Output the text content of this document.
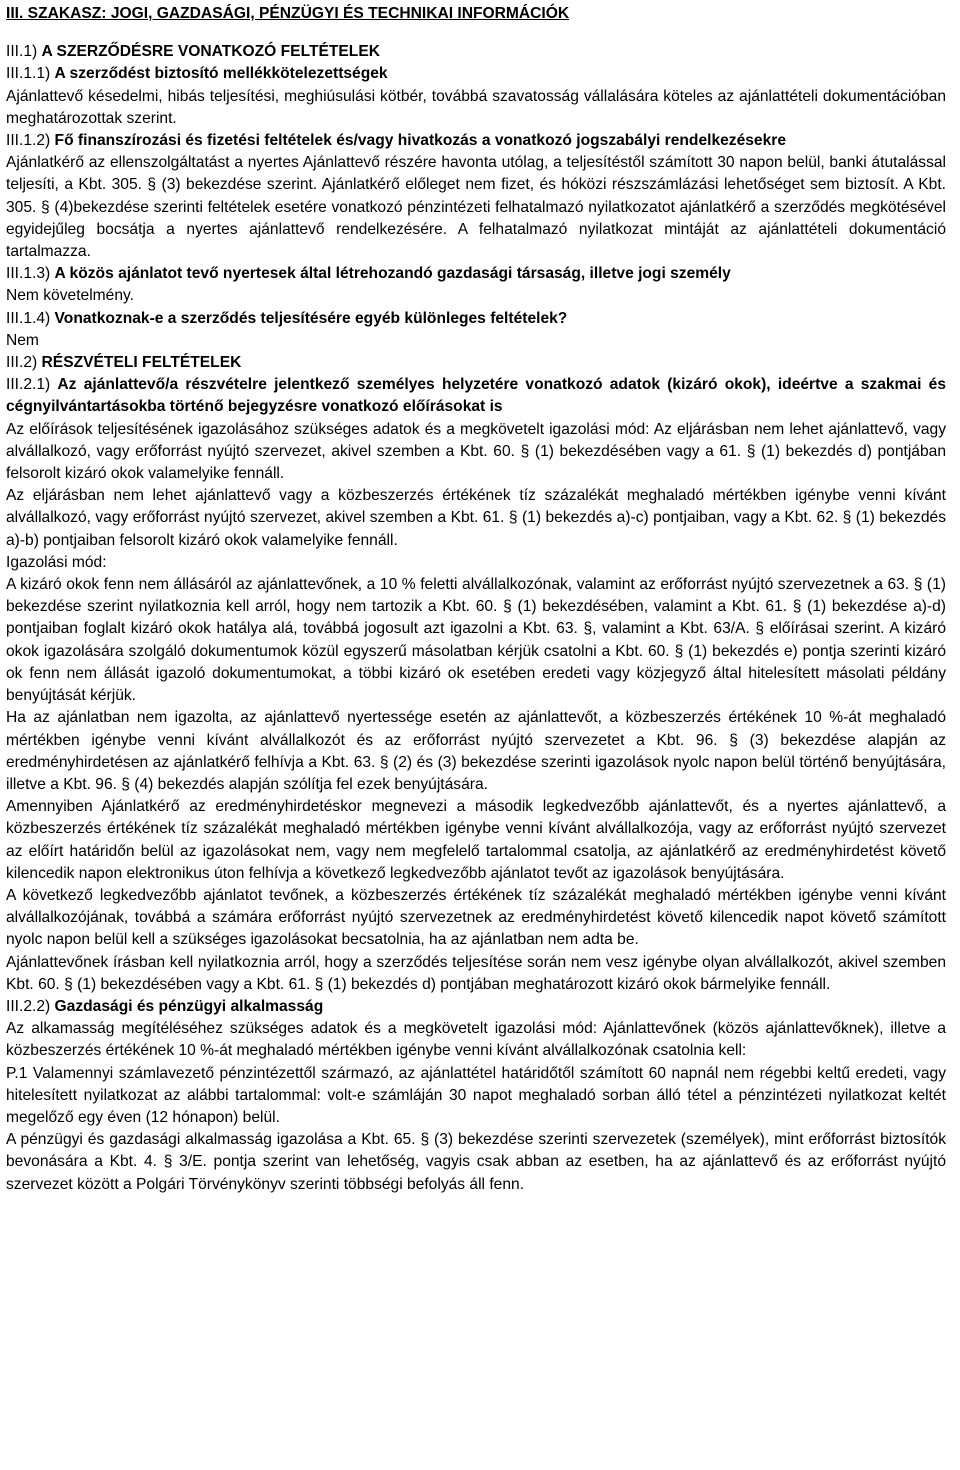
III. SZAKASZ: JOGI, GAZDASÁGI, PÉNZÜGYI ÉS TECHNIKAI INFORMÁCIÓK
III.1) A SZERZŐDÉSRE VONATKOZÓ FELTÉTELEK
III.1.1) A szerződést biztosító mellékkötelezettségek
Ajánlattevő késedelmi, hibás teljesítési, meghiúsulási kötbér, továbbá szavatosság vállalására köteles az ajánlattételi dokumentációban meghatározottak szerint.
III.1.2) Fő finanszírozási és fizetési feltételek és/vagy hivatkozás a vonatkozó jogszabályi rendelkezésekre
Ajánlatkérő az ellenszolgáltatást a nyertes Ajánlattevő részére havonta utólag, a teljesítéstől számított 30 napon belül, banki átutalással teljesíti, a Kbt. 305. § (3) bekezdése szerint. Ajánlatkérő előleget nem fizet, és hóközi részszámlázási lehetőséget sem biztosít. A Kbt. 305. § (4)bekezdése szerinti feltételek esetére vonatkozó pénzintézeti felhatalmazó nyilatkozatot ajánlatkérő a szerződés megkötésével egyidejűleg bocsátja a nyertes ajánlattevő rendelkezésére. A felhatalmazó nyilatkozat mintáját az ajánlattételi dokumentáció tartalmazza.
III.1.3) A közös ajánlatot tevő nyertesek által létrehozandó gazdasági társaság, illetve jogi személy
Nem követelmény.
III.1.4) Vonatkoznak-e a szerződés teljesítésére egyéb különleges feltételek?
Nem
III.2) RÉSZVÉTELI FELTÉTELEK
III.2.1) Az ajánlattevő/a részvételre jelentkező személyes helyzetére vonatkozó adatok (kizáró okok), ideértve a szakmai és cégnyilvántartásokba történő bejegyzésre vonatkozó előírásokat is
Az előírások teljesítésének igazolásához szükséges adatok és a megkövetelt igazolási mód: Az eljárásban nem lehet ajánlattevő, vagy alvállalkozó, vagy erőforrást nyújtó szervezet, akivel szemben a Kbt. 60. § (1) bekezdésében vagy a 61. § (1) bekezdés d) pontjában felsorolt kizáró okok valamelyike fennáll.
Az eljárásban nem lehet ajánlattevő vagy a közbeszerzés értékének tíz százalékát meghaladó mértékben igénybe venni kívánt alvállalkozó, vagy erőforrást nyújtó szervezet, akivel szemben a Kbt. 61. § (1) bekezdés a)-c) pontjaiban, vagy a Kbt. 62. § (1) bekezdés a)-b) pontjaiban felsorolt kizáró okok valamelyike fennáll.
Igazolási mód:
A kizáró okok fenn nem állásáról az ajánlattevőnek, a 10 % feletti alvállalkozónak, valamint az erőforrást nyújtó szervezetnek a 63. § (1) bekezdése szerint nyilatkoznia kell arról, hogy nem tartozik a Kbt. 60. § (1) bekezdésében, valamint a Kbt. 61. § (1) bekezdése a)-d) pontjaiban foglalt kizáró okok hatálya alá, továbbá jogosult azt igazolni a Kbt. 63. §, valamint a Kbt. 63/A. § előírásai szerint. A kizáró okok igazolására szolgáló dokumentumok közül egyszerű másolatban kérjük csatolni a Kbt. 60. § (1) bekezdés e) pontja szerinti kizáró ok fenn nem állását igazoló dokumentumokat, a többi kizáró ok esetében eredeti vagy közjegyző által hitelesített másolati példány benyújtását kérjük.
Ha az ajánlatban nem igazolta, az ajánlattevő nyertessége esetén az ajánlattevőt, a közbeszerzés értékének 10 %-át meghaladó mértékben igénybe venni kívánt alvállalkozót és az erőforrást nyújtó szervezetet a Kbt. 96. § (3) bekezdése alapján az eredményhirdetésen az ajánlatkérő felhívja a Kbt. 63. § (2) és (3) bekezdése szerinti igazolások nyolc napon belül történő benyújtására, illetve a Kbt. 96. § (4) bekezdés alapján szólítja fel ezek benyújtására.
Amennyiben Ajánlatkérő az eredményhirdetéskor megnevezi a második legkedvezőbb ajánlattevőt, és a nyertes ajánlattevő, a közbeszerzés értékének tíz százalékát meghaladó mértékben igénybe venni kívánt alvállalkozója, vagy az erőforrást nyújtó szervezet az előírt határidőn belül az igazolásokat nem, vagy nem megfelelő tartalommal csatolja, az ajánlatkérő az eredményhirdetést követő kilencedik napon elektronikus úton felhívja a következő legkedvezőbb ajánlatot tevőt az igazolások benyújtására.
A következő legkedvezőbb ajánlatot tevőnek, a közbeszerzés értékének tíz százalékát meghaladó mértékben igénybe venni kívánt alvállalkozójának, továbbá a számára erőforrást nyújtó szervezetnek az eredményhirdetést követő kilencedik napot követő számított nyolc napon belül kell a szükséges igazolásokat becsatolnia, ha az ajánlatban nem adta be.
Ajánlattevőnek írásban kell nyilatkoznia arról, hogy a szerződés teljesítése során nem vesz igénybe olyan alvállalkozót, akivel szemben Kbt. 60. § (1) bekezdésében vagy a Kbt. 61. § (1) bekezdés d) pontjában meghatározott kizáró okok bármelyike fennáll.
III.2.2) Gazdasági és pénzügyi alkalmasság
Az alkamasság megítéléséhez szükséges adatok és a megkövetelt igazolási mód: Ajánlattevőnek (közös ajánlattevőknek), illetve a közbeszerzés értékének 10 %-át meghaladó mértékben igénybe venni kívánt alvállalkozónak csatolnia kell:
P.1 Valamennyi számlavezető pénzintézettől származó, az ajánlattétel határidőtől számított 60 napnál nem régebbi keltű eredeti, vagy hitelesített nyilatkozat az alábbi tartalommal: volt-e számláján 30 napot meghaladó sorban álló tétel a pénzintézeti nyilatkozat keltét megelőző egy éven (12 hónapon) belül.
A pénzügyi és gazdasági alkalmasság igazolása a Kbt. 65. § (3) bekezdése szerinti szervezetek (személyek), mint erőforrást biztosítók bevonására a Kbt. 4. § 3/E. pontja szerint van lehetőség, vagyis csak abban az esetben, ha az ajánlattevő és az erőforrást nyújtó szervezet között a Polgári Törvénykönyv szerinti többségi befolyás áll fenn.
